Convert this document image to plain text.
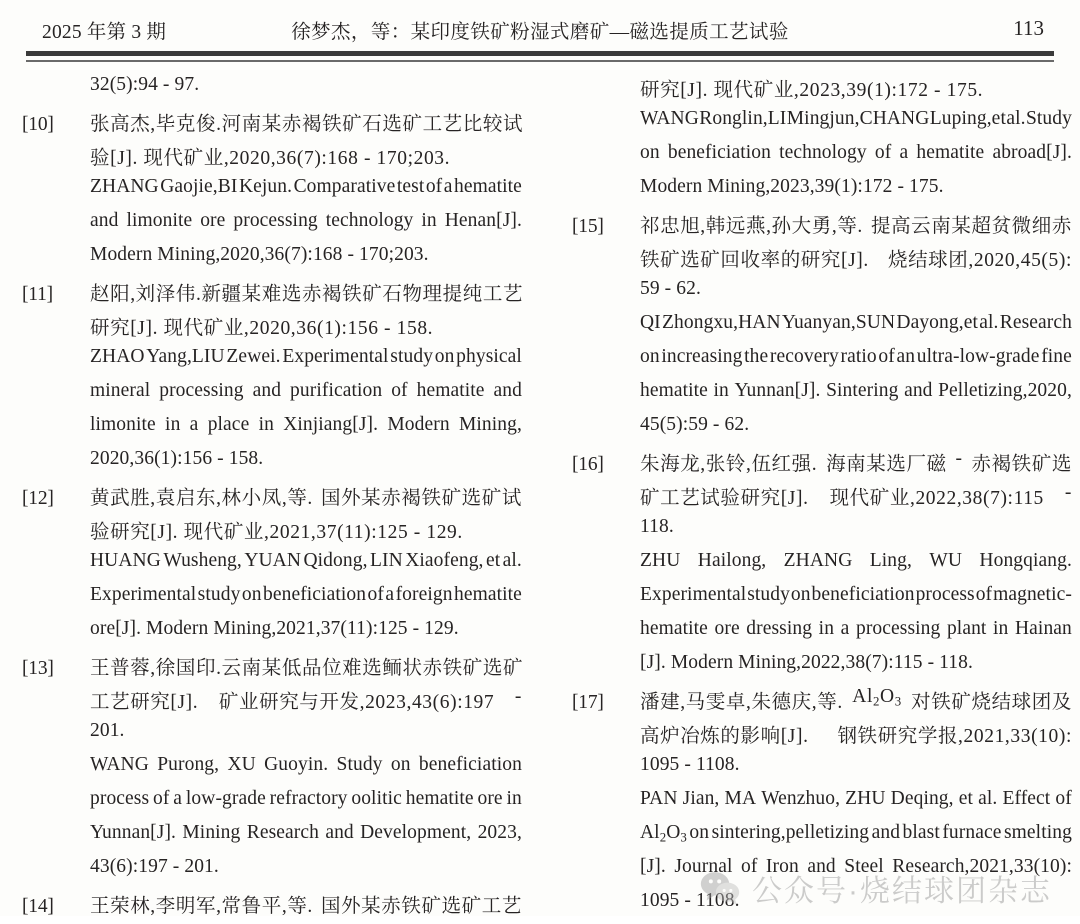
2025 年第 3 期	徐梦杰，等：某印度铁矿粉湿式磨矿—磁选提质工艺试验	113
32(5):94 - 97.
[10]	张高杰,毕克俊. 河南某赤褐铁矿石选矿工艺比较试
验[J]. 现代矿业,2020,36(7):168 - 170;203.
ZHANG Gaojie,BI Kejun. Comparative test of a hematite
and limonite ore processing technology in Henan[J].
Modern Mining,2020,36(7):168 - 170;203.
[11]	赵阳,刘泽伟. 新疆某难选赤褐铁矿石物理提纯工艺
研究[J]. 现代矿业,2020,36(1):156 - 158.
ZHAO Yang,LIU Zewei. Experimental study on physical
mineral processing and purification of hematite and
limonite in a place in Xinjiang[J]. Modern Mining,
2020,36(1):156 - 158.
[12]	黄武胜,袁启东,林小凤,等. 国外某赤褐铁矿选矿试
验研究[J]. 现代矿业,2021,37(11):125 - 129.
HUANG Wusheng, YUAN Qidong, LIN Xiaofeng, et al.
Experimental study on beneficiation of a foreign hematite
ore[J]. Modern Mining,2021,37(11):125 - 129.
[13]	王普蓉,徐国印. 云南某低品位难选鲕状赤铁矿选矿
工艺研究[J]. 矿业研究与开发,2023,43(6):197 -
201.
WANG Purong, XU Guoyin. Study on beneficiation
process of a low-grade refractory oolitic hematite ore in
Yunnan[J]. Mining Research and Development, 2023,
43(6):197 - 201.
[14]	王荣林,李明军,常鲁平,等. 国外某赤铁矿选矿工艺
研究[J]. 现代矿业,2023,39(1):172 - 175.
WANG Ronglin,LI Mingjun,CHANG Luping,et al. Study
on beneficiation technology of a hematite abroad[J].
Modern Mining,2023,39(1):172 - 175.
[15]	祁忠旭,韩远燕,孙大勇,等. 提高云南某超贫微细赤
铁矿选矿回收率的研究[J]. 烧结球团,2020,45(5):
59 - 62.
QI Zhongxu,HAN Yuanyan,SUN Dayong,et al. Research
on increasing the recovery ratio of an ultra-low-grade fine
hematite in Yunnan[J]. Sintering and Pelletizing,2020,
45(5):59 - 62.
[16]	朱海龙,张铃,伍红强. 海南某选厂磁 - 赤褐铁矿选
矿工艺试验研究[J]. 现代矿业,2022,38(7):115 -
118.
ZHU Hailong, ZHANG Ling, WU Hongqiang.
Experimental study on beneficiation process of magnetic-
hematite ore dressing in a processing plant in Hainan
[J]. Modern Mining,2022,38(7):115 - 118.
[17]	潘建,马雯卓,朱德庆,等. $Al_2O_3$ 对铁矿烧结球团及
高炉冶炼的影响[J]. 钢铁研究学报,2021,33(10):
1095 - 1108.
PAN Jian, MA Wenzhuo, ZHU Deqing, et al. Effect of
$Al_2O_3$ on sintering,pelletizing and blast furnace smelting
[J]. Journal of Iron and Steel Research,2021,33(10):
1095 - 1108. 公众号·烧结球团杂志
